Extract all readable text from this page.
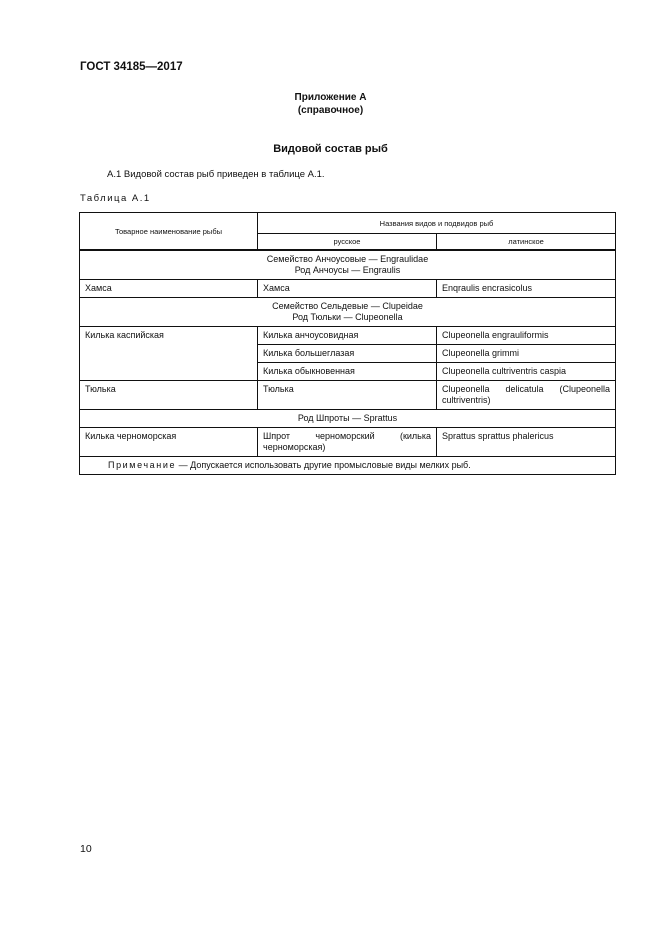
ГОСТ 34185—2017
Приложение А
(справочное)
Видовой состав рыб
А.1 Видовой состав рыб приведен в таблице А.1.
Таблица А.1
Товарное наименование рыбы	Названия видов и подвидов рыб	
	русское	латинское

Семейство Анчоусовые — Engraulidae
Род Анчоусы — Engraulis		

Хамса	Хамса	Enqraulis encrasicolus

Семейство Сельдевые — Clupeidae
Род Тюльки — Clupeonella		

Килька каспийская	Килька анчоусовидная	Clupeonella engrauliformis
	Килька большеглазая	Clupeonella grimmi
	Килька обыкновенная	Clupeonella cultriventris caspia
Тюлька	Тюлька	Clupeonella delicatula (Clupeonella cultriventris)
Род Шпроты — Sprattus		
Килька черноморская	Шпрот черноморский (килька черноморская)	Sprattus sprattus phalericus
Примечание — Допускается использовать другие промысловые виды мелких рыб.		
10
